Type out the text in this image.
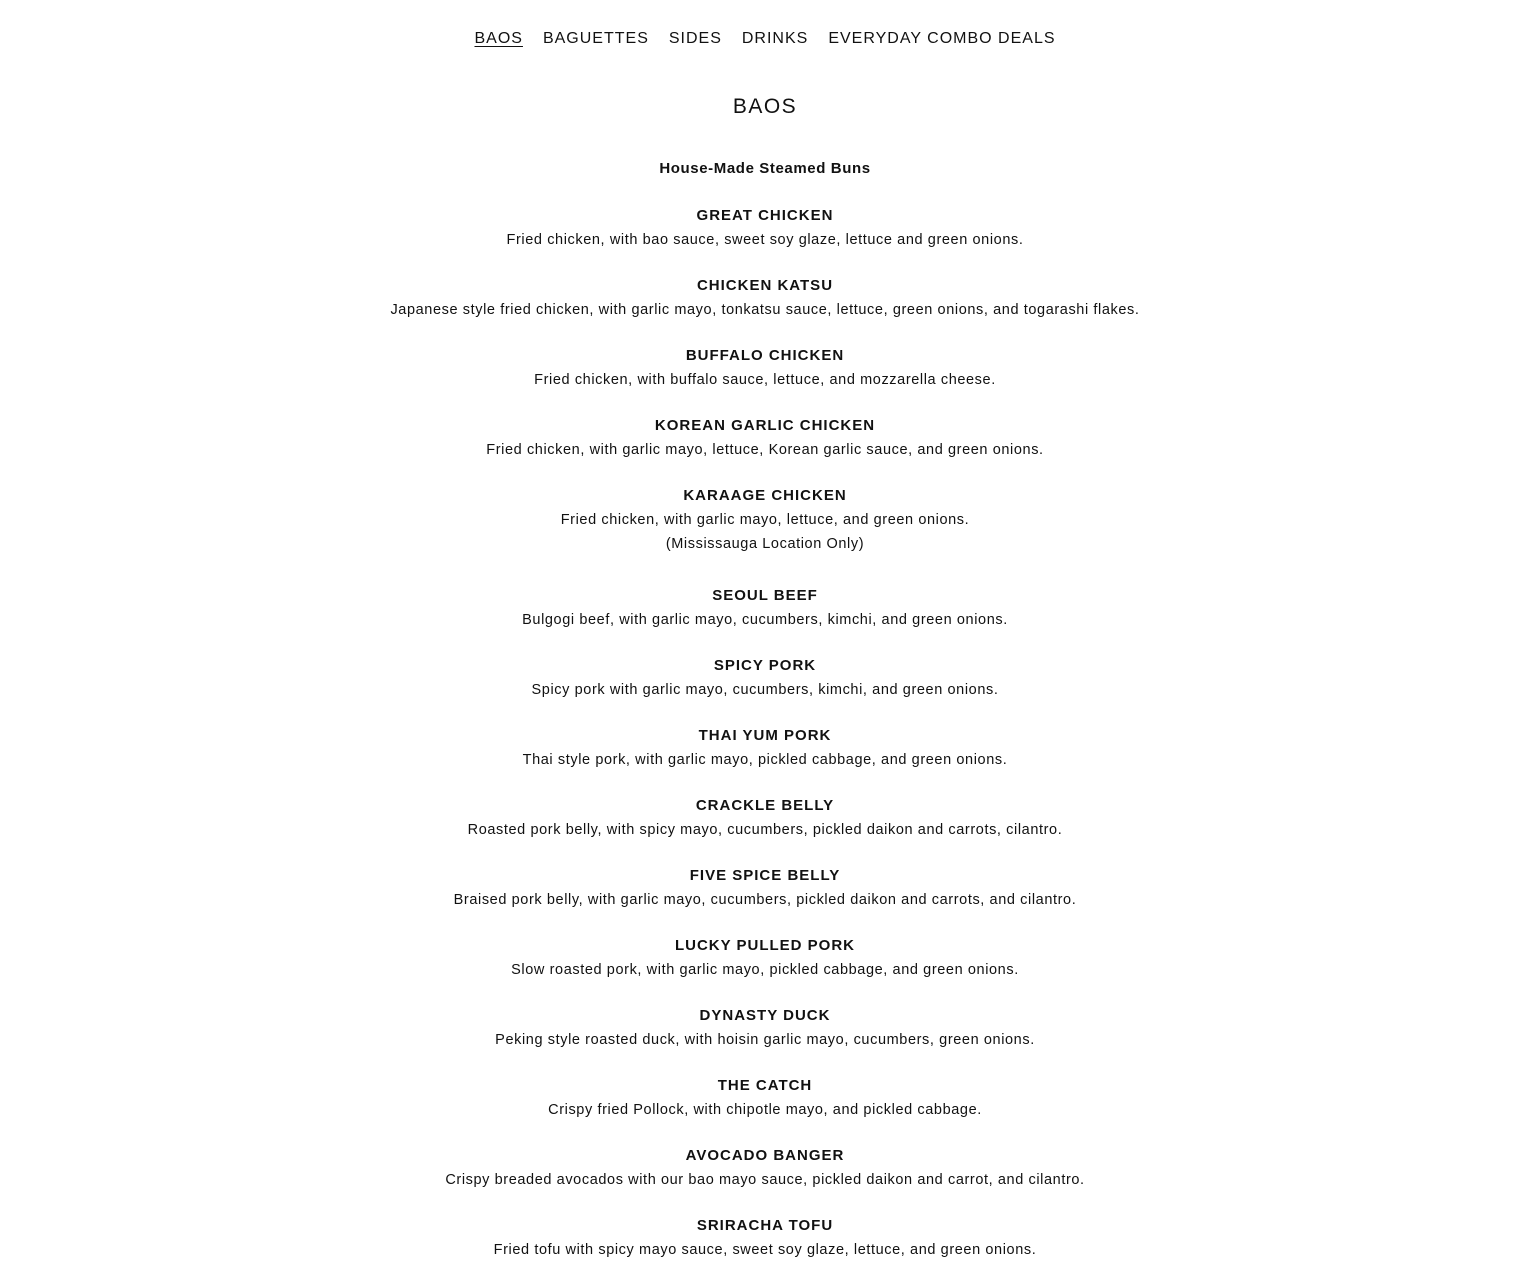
BAOS BAGUETTES SIDES DRINKS EVERYDAY COMBO DEALS
BAOS

House-Made Steamed Buns

GREAT CHICKEN
Fried chicken, with bao sauce, sweet soy glaze, lettuce and green onions.
CHICKEN KATSU
Japanese style fried chicken, with garlic mayo, tonkatsu sauce, lettuce, green onions, and togarashi flakes.
BUFFALO CHICKEN
Fried chicken, with buffalo sauce, lettuce, and mozzarella cheese.
KOREAN GARLIC CHICKEN
Fried chicken, with garlic mayo, lettuce, Korean garlic sauce, and green onions.
KARAAGE CHICKEN
Fried chicken, with garlic mayo, lettuce, and green onions.
(Mississauga Location Only)
SEOUL BEEF
Bulgogi beef, with garlic mayo, cucumbers, kimchi, and green onions.
SPICY PORK
Spicy pork with garlic mayo, cucumbers, kimchi, and green onions.
THAI YUM PORK
Thai style pork, with garlic mayo, pickled cabbage, and green onions.
CRACKLE BELLY
Roasted pork belly, with spicy mayo, cucumbers, pickled daikon and carrots, cilantro.
FIVE SPICE BELLY
Braised pork belly, with garlic mayo, cucumbers, pickled daikon and carrots, and cilantro.
LUCKY PULLED PORK
Slow roasted pork, with garlic mayo, pickled cabbage, and green onions.
DYNASTY DUCK
Peking style roasted duck, with hoisin garlic mayo, cucumbers, green onions.
THE CATCH
Crispy fried Pollock, with chipotle mayo, and pickled cabbage.
AVOCADO BANGER
Crispy breaded avocados with our bao mayo sauce, pickled daikon and carrot, and cilantro.
SRIRACHA TOFU
Fried tofu with spicy mayo sauce, sweet soy glaze, lettuce, and green onions.
